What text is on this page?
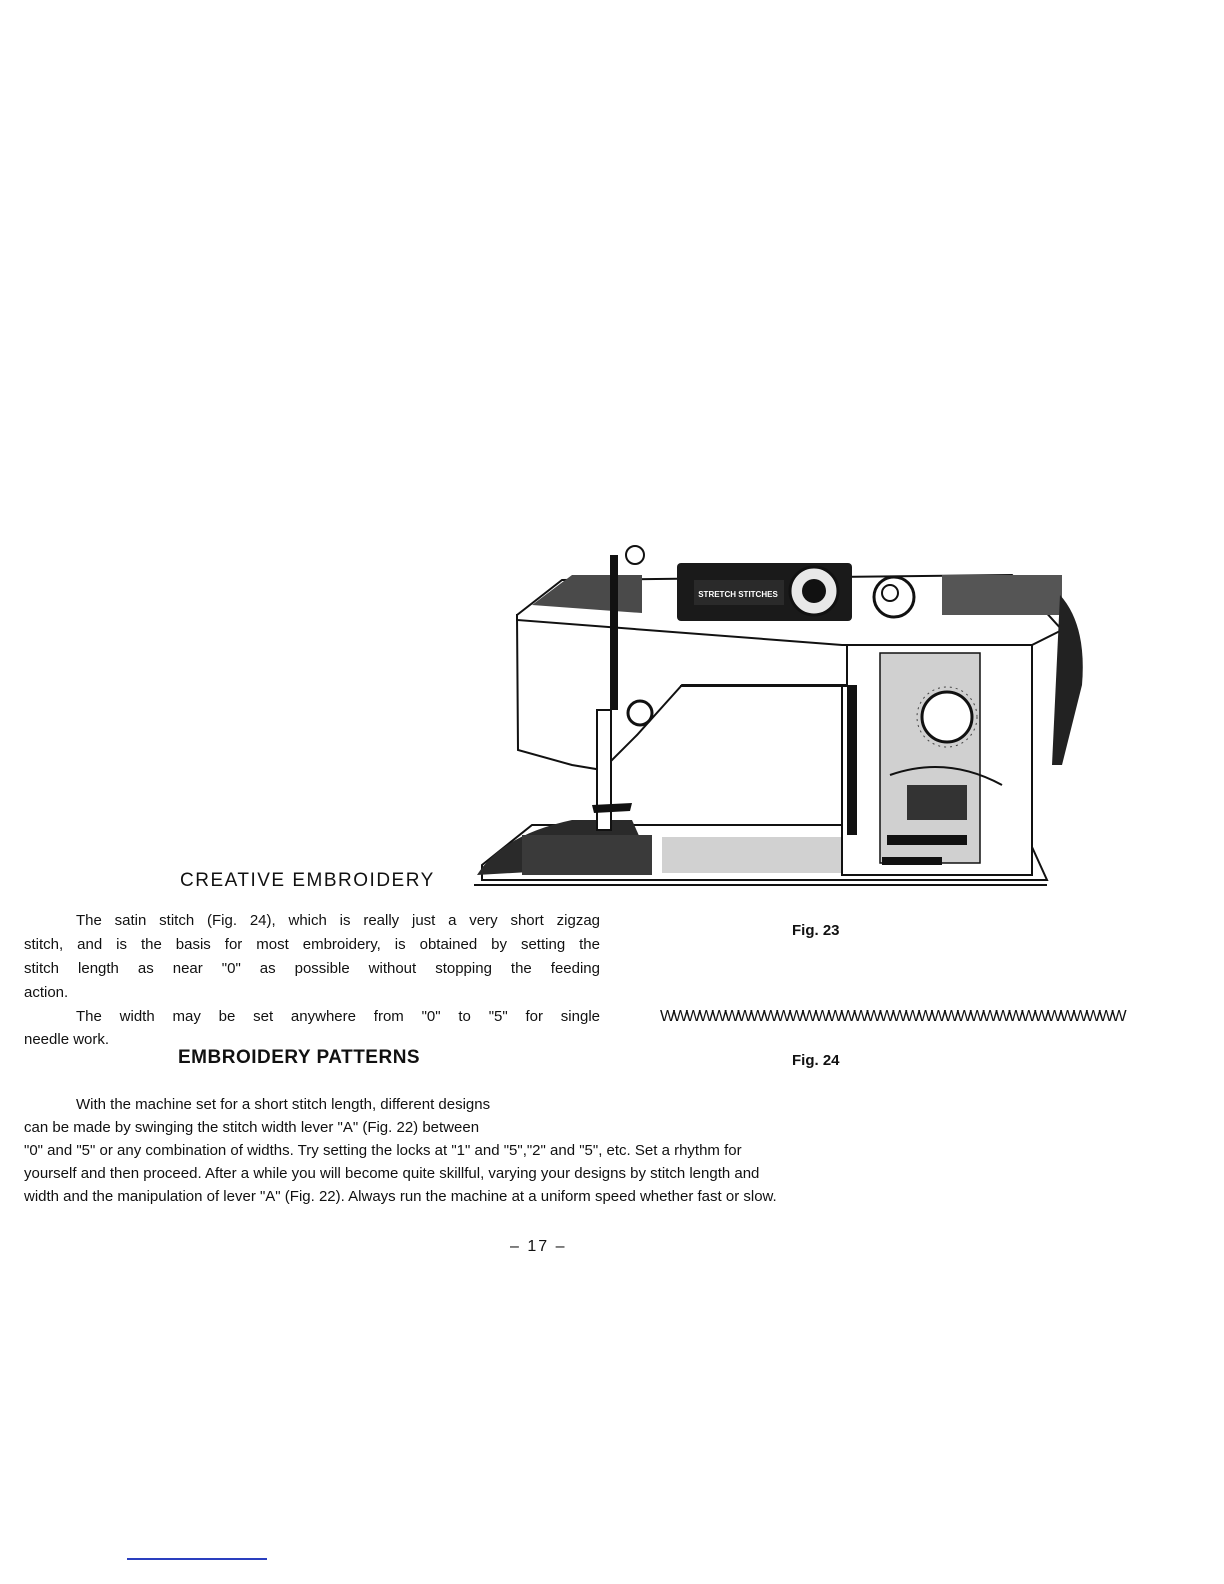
STRETCH STITCHES
CREATIVE EMBROIDERY

The satin stitch (Fig. 24), which is really just a very short zigzag

stitch, and is the basis for most embroidery, is obtained by setting the

stitch length as near "0" as possible without stopping the feeding

action.

The width may be set anywhere from "0" to "5" for single

needle work.

EMBROIDERY PATTERNS

With the machine set for a short stitch length, different designs

can be made by swinging the stitch width lever "A" (Fig. 22) between

"0" and "5" or any combination of widths. Try setting the locks at "1" and "5","2" and "5", etc. Set a rhythm for

yourself and then proceed. After a while you will become quite skillful, varying your designs by stitch length and

width and the manipulation of lever "A" (Fig. 22). Always run the machine at a uniform speed whether fast or slow.

Fig. 23
WWWWWWWWWWWWWWWWWWWWWWWWWWWWWWWWWWWW
Fig. 24
– 17 –
